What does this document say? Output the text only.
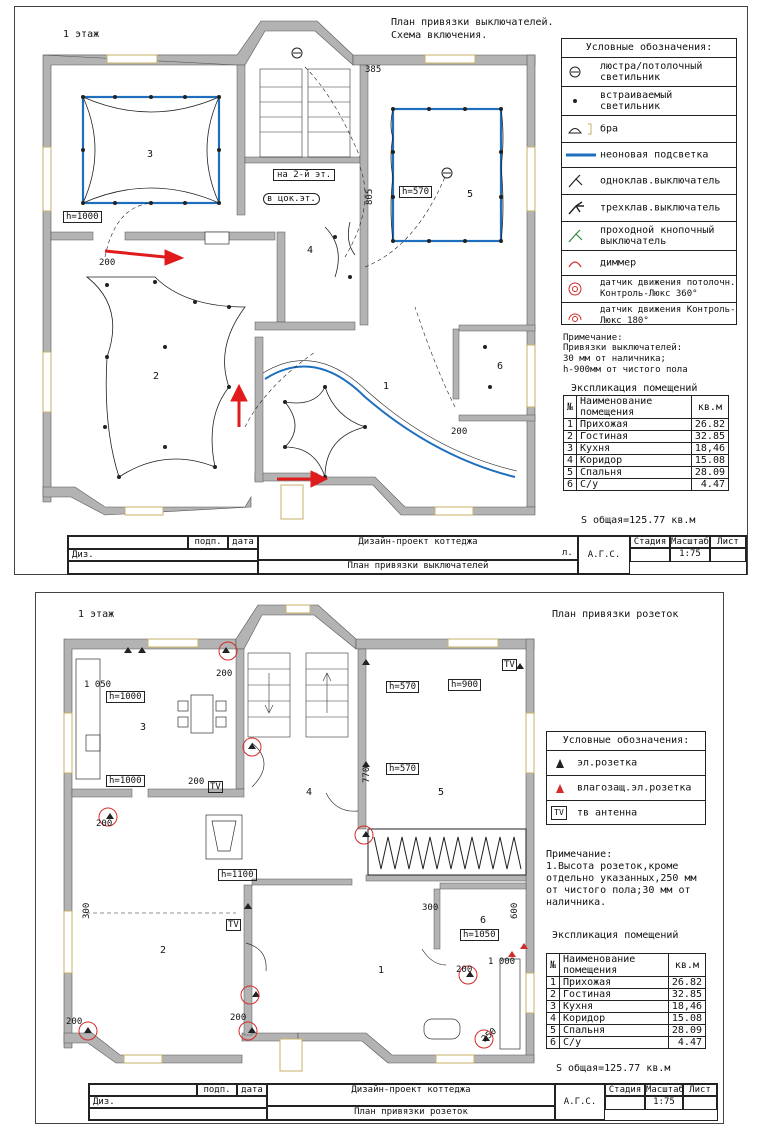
1 этаж
План привязки выключателей.
Схема включения.
3
2
4
5
1
6
на 2-й эт.
в цок.эт.
385
805	h=570
h=1000
200
200
Условные обозначения:
люстра/потолочный светильник
встраиваемый светильник
бра
неоновая подсветка
одноклав.выключатель
трехклав.выключатель
проходной кнопочный выключатель
диммер
датчик движения потолочн. Контроль-Люкс 360°
датчик движения Контроль-Люкс 180°
Примечание:
Привязки выключателей:
30 мм от наличника;
h-900мм от чистого пола
Экспликация помещений
№	Наименование помещения	кв.м
1	Прихожая	26.82
2	Гостиная	32.85
3	Кухня	18,46
4	Коридор	15.08
5	Спальня	28.09
6	С/у	4.47
S общая=125.77 кв.м
подп.	дата
Диз.
Дизайн-проект коттеджа
План привязки выключателей
А.Г.С.
Стадия Масштаб Лист
1:75
л.
1 этаж	План привязки розеток
3
2
4	5
1
6
1 050
h=1000
h=1000
h=570
h=570
h=900
h=1100
h=1050
200
200
200
200	200
200
300
300
770
600
1 000
250
TV
TV
TV
Условные обозначения:
эл.розетка
влагозащ.эл.розетка
TV	тв антенна
Примечание:
1.Высота розеток,кроме
отдельно указанных,250 мм
от чистого пола;30 мм от
наличника.
Экспликация помещений
№	Наименование помещения	кв.м
1	Прихожая	26.82
2	Гостиная	32.85
3	Кухня	18,46
4	Коридор	15.08
5	Спальня	28.09
6	С/у	4.47
S общая=125.77 кв.м
подп.	дата
Диз.
Дизайн-проект коттеджа
План привязки розеток
А.Г.С.
Стадия Масштаб Лист
1:75
